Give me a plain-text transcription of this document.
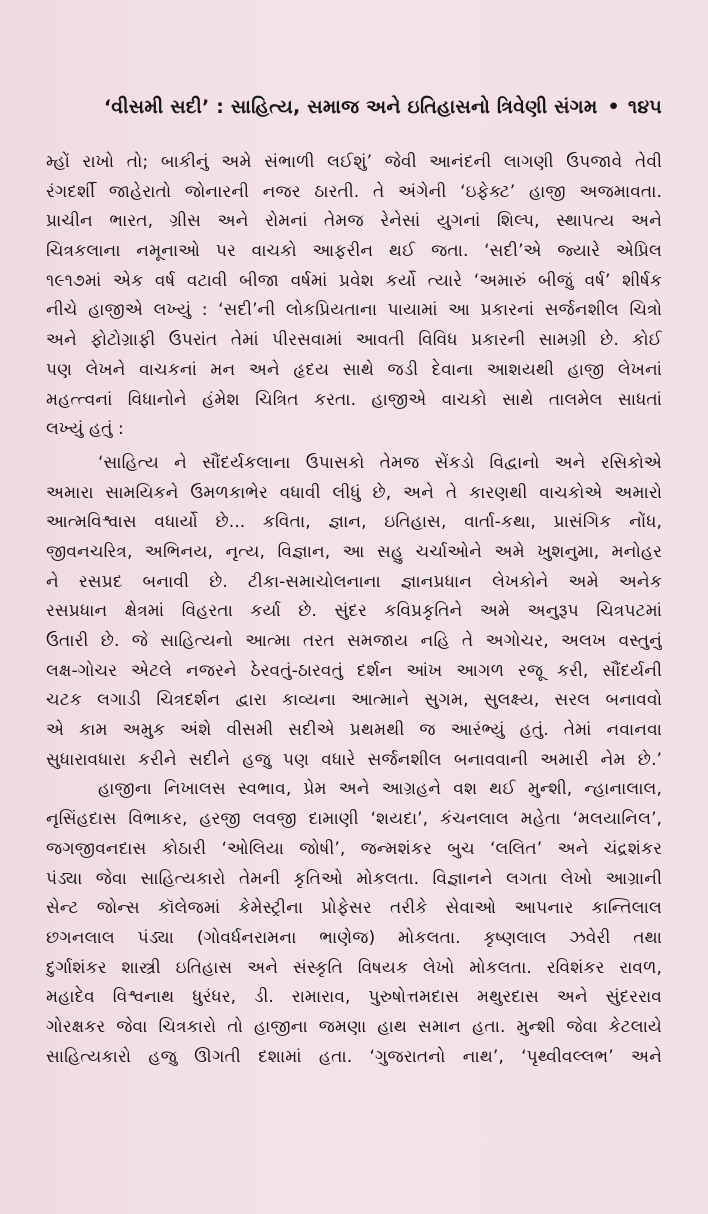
‘વીસમી સદી’ : સાહિત્ય, સમાજ અને ઇતિહાસનો ત્રિવેણી સંગમ • ૧૪૫
મ્હોં રાખો તો; બાકીનું અમે સંભાળી લઈશું’ જેવી આનંદની લાગણી ઉપજાવે તેવી
રંગદર્શી જાહેરાતો જોનારની નજર ઠારતી. તે અંગેની ‘ઇફેક્ટ’ હાજી અજમાવતા.
પ્રાચીન ભારત, ગ્રીસ અને રોમનાં તેમજ રેનેસાં યુગનાં શિલ્પ, સ્થાપત્ય અને
ચિત્રકલાના નમૂનાઓ પર વાચકો આફરીન થઈ જતા. ‘સદી’એ જ્યારે એપ્રિલ
૧૯૧૭માં એક વર્ષ વટાવી બીજા વર્ષમાં પ્રવેશ કર્યો ત્યારે ‘અમારું બીજું વર્ષ’ શીર્ષક
નીચે હાજીએ લખ્યું : ‘સદી’ની લોકપ્રિયતાના પાયામાં આ પ્રકારનાં સર્જનશીલ ચિત્રો
અને ફોટોગ્રાફી ઉપરાંત તેમાં પીરસવામાં આવતી વિવિધ પ્રકારની સામગ્રી છે. કોઈ
પણ લેખને વાચકનાં મન અને હૃદય સાથે જડી દેવાના આશયથી હાજી લેખનાં
મહત્ત્વનાં વિધાનોને હંમેશ ચિત્રિત કરતા. હાજીએ વાચકો સાથે તાલમેલ સાધતાં
લખ્યું હતું :
‘સાહિત્ય ને સૌંદર્યકલાના ઉપાસકો તેમજ સેંકડો વિદ્વાનો અને રસિકોએ
અમારા સામયિકને ઉમળકાભેર વધાવી લીધું છે, અને તે કારણથી વાચકોએ અમારો
આત્મવિશ્વાસ વધાર્યો છે... કવિતા, જ્ઞાન, ઇતિહાસ, વાર્તા-કથા, પ્રાસંગિક નોંધ,
જીવનચરિત્ર, અભિનય, નૃત્ય, વિજ્ઞાન, આ સહુ ચર્ચાઓને અમે ખુશનુમા, મનોહર
ને રસપ્રદ બનાવી છે. ટીકા-સમાચોલનાના જ્ઞાનપ્રધાન લેખકોને અમે અનેક
રસપ્રધાન ક્ષેત્રમાં વિહરતા કર્યા છે. સુંદર કવિપ્રકૃતિને અમે અનુરૂપ ચિત્રપટમાં
ઉતારી છે. જે સાહિત્યનો આત્મા તરત સમજાય નહિ તે અગોચર, અલખ વસ્તુનું
લક્ષ-ગોચર એટલે નજરને ઠેરવતું-ઠારવતું દર્શન આંખ આગળ રજૂ કરી, સૌંદર્યની
ચટક લગાડી ચિત્રદર્શન દ્વારા કાવ્યના આત્માને સુગમ, સુલક્ષ્ય, સરલ બનાવવો
એ કામ અમુક અંશે વીસમી સદીએ પ્રથમથી જ આરંભ્યું હતું. તેમાં નવાનવા
સુધારાવધારા કરીને સદીને હજુ પણ વધારે સર્જનશીલ બનાવવાની અમારી નેમ છે.’
હાજીના નિખાલસ સ્વભાવ, પ્રેમ અને આગ્રહને વશ થઈ મુન્શી, ન્હાનાલાલ,
નૃસિંહદાસ વિભાકર, હરજી લવજી દામાણી ‘શયદા’, કંચનલાલ મહેતા ‘મલયાનિલ’,
જગજીવનદાસ કોઠારી ‘ઓલિયા જોષી’, જન્મશંકર બુચ ‘લલિત’ અને ચંદ્રશંકર
પંડ્યા જેવા સાહિત્યકારો તેમની કૃતિઓ મોકલતા. વિજ્ઞાનને લગતા લેખો આગ્રાની
સેન્ટ જોન્સ કૉલેજમાં કેમેસ્ટ્રીના પ્રોફેસર તરીકે સેવાઓ આપનાર કાન્તિલાલ
છગનલાલ પંડ્યા (ગોવર્ધનરામના ભાણેજ) મોકલતા. કૃષ્ણલાલ ઝવેરી તથા
દુર્ગાશંકર શાસ્ત્રી ઇતિહાસ અને સંસ્કૃતિ વિષયક લેખો મોકલતા. રવિશંકર રાવળ,
મહાદેવ વિશ્વનાથ ધુરંધર, ડી. રામારાવ, પુરુષોત્તમદાસ મથુરદાસ અને સુંદરરાવ
ગોરક્ષકર જેવા ચિત્રકારો તો હાજીના જમણા હાથ સમાન હતા. મુન્શી જેવા કેટલાયે
સાહિત્યકારો હજુ ઊગતી દશામાં હતા. ‘ગુજરાતનો નાથ’, ‘પૃથ્વીવલ્લભ’ અને
